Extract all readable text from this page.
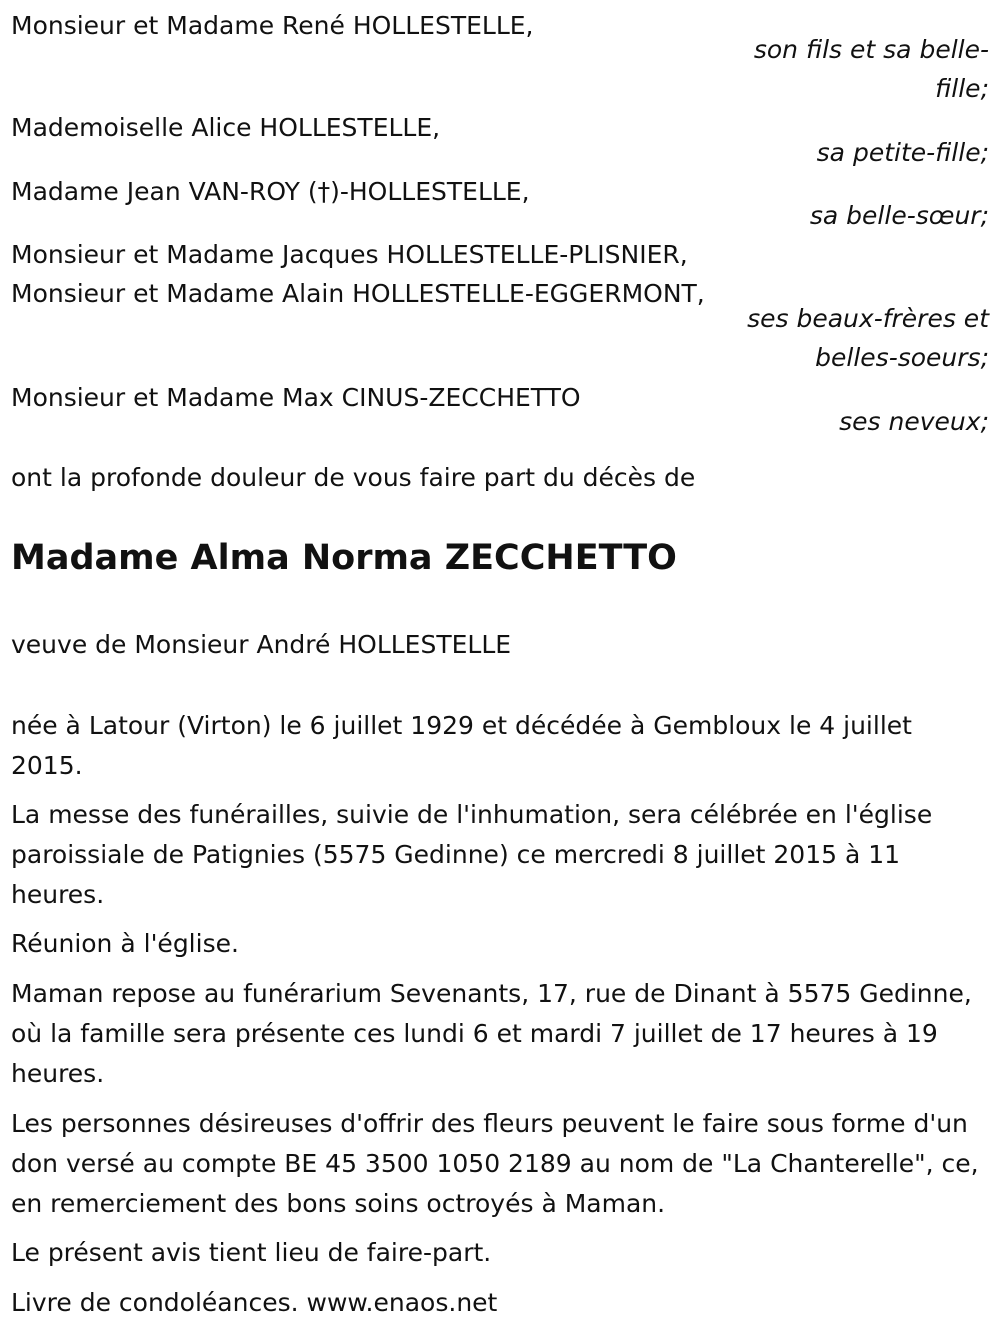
Monsieur et Madame René HOLLESTELLE,
son fils et sa belle-
fille;
Mademoiselle Alice HOLLESTELLE,
sa petite-fille;
Madame Jean VAN-ROY (†)-HOLLESTELLE,
sa belle-sœur;
Monsieur et Madame Jacques HOLLESTELLE-PLISNIER,
Monsieur et Madame Alain HOLLESTELLE-EGGERMONT,
ses beaux-frères et
belles-soeurs;
Monsieur et Madame Max CINUS-ZECCHETTO
ses neveux;
ont la profonde douleur de vous faire part du décès de
Madame Alma Norma ZECCHETTO
veuve de Monsieur André HOLLESTELLE
née à Latour (Virton) le 6 juillet 1929 et décédée à Gembloux le 4 juillet 2015.
La messe des funérailles, suivie de l'inhumation, sera célébrée en l'église paroissiale de Patignies (5575 Gedinne) ce mercredi 8 juillet 2015 à 11 heures.
Réunion à l'église.
Maman repose au funérarium Sevenants, 17, rue de Dinant à 5575 Gedinne, où la famille sera présente ces lundi 6 et mardi 7 juillet de 17 heures à 19 heures.
Les personnes désireuses d'offrir des fleurs peuvent le faire sous forme d'un don versé au compte BE 45 3500 1050 2189 au nom de "La Chanterelle", ce, en remerciement des bons soins octroyés à Maman.
Le présent avis tient lieu de faire-part.
Livre de condoléances. www.enaos.net
